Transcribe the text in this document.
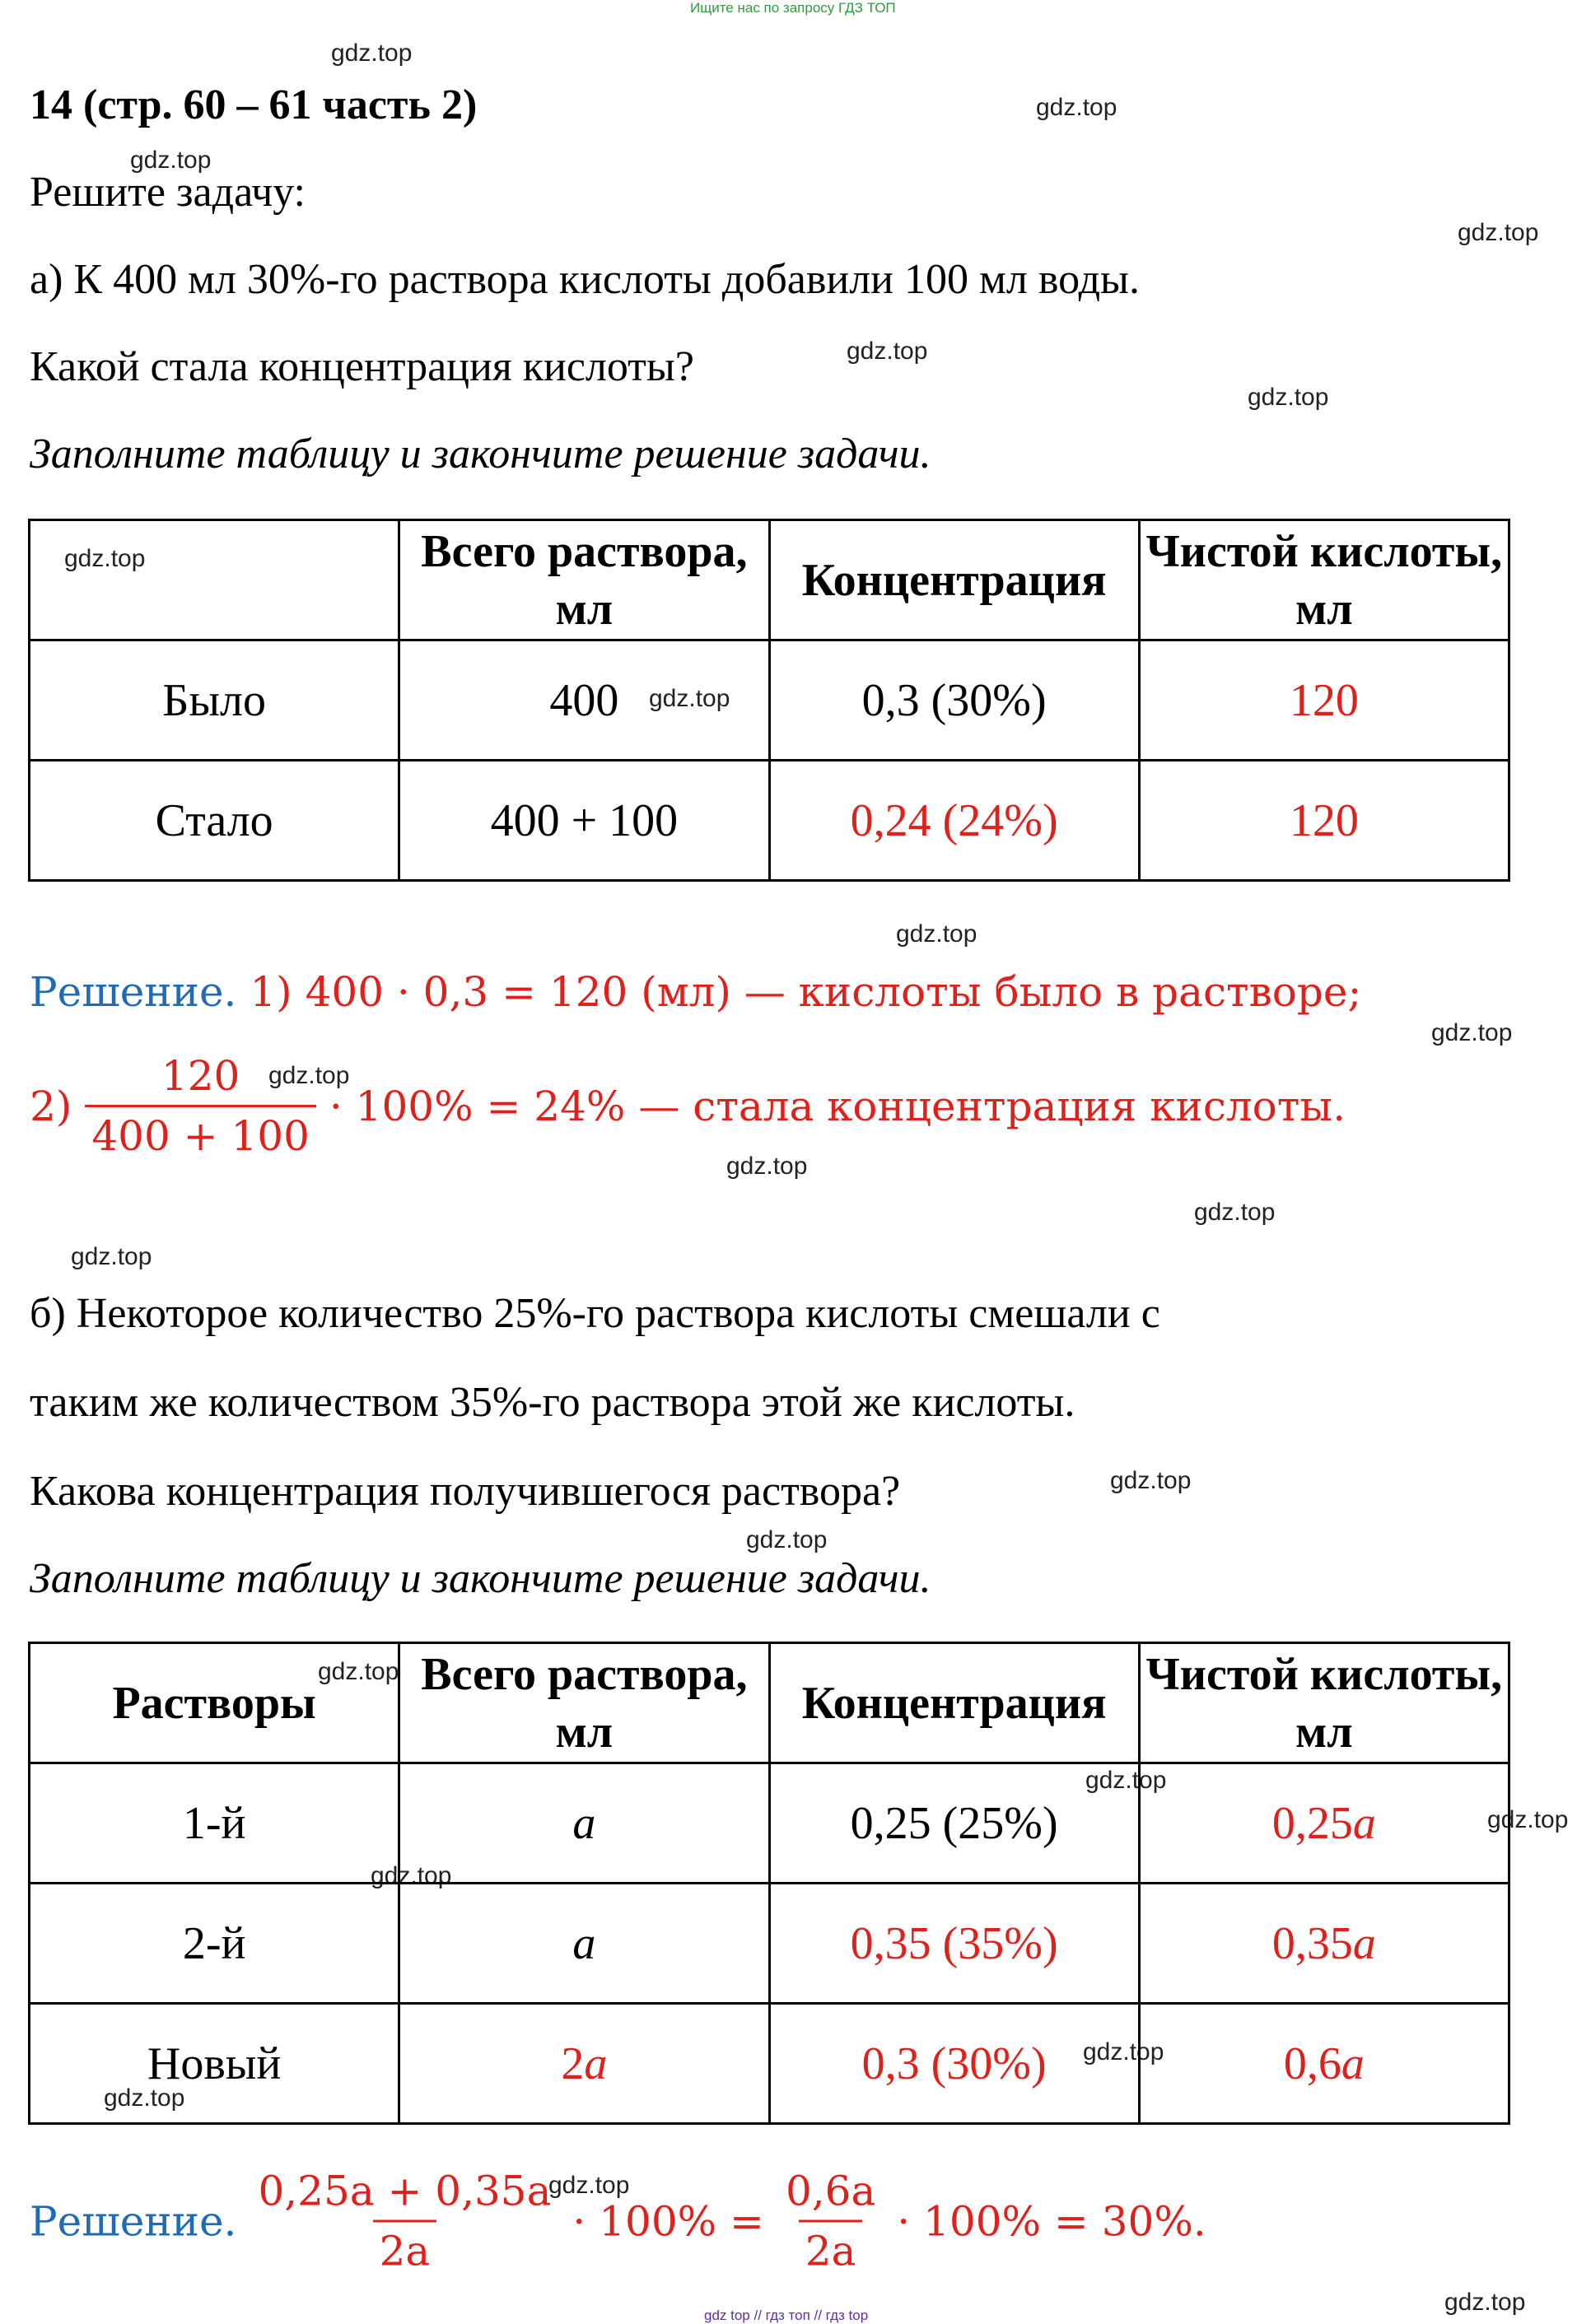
Ищите нас по запросу ГДЗ ТОП
gdz top // гдз топ // гдз top
gdz.top
gdz.top
gdz.top
gdz.top
gdz.top
gdz.top
gdz.top
gdz.top
gdz.top
gdz.top
gdz.top
gdz.top
gdz.top
gdz.top
gdz.top
gdz.top
gdz.top
gdz.top
gdz.top
gdz.top
gdz.top
gdz.top
gdz.top
gdz.top
14 (стр. 60 – 61 часть 2)
Решите задачу:
а) К 400 мл 30%-го раствора кислоты добавили 100 мл воды.
Какой стала концентрация кислоты?
Заполните таблицу и закончите решение задачи.
	Всего раствора, мл	Концентрация	Чистой кислоты, мл
Было	400	0,3 (30%)	120
Стало	400 + 100	0,24 (24%)	120
Решение. 1) 400 · 0,3 = 120 (мл) — кислоты было в растворе;
$2) \frac{120}{400 + 100} \cdot 100\% = 24\%$ — стала концентрация кислоты.
б) Некоторое количество 25%-го раствора кислоты смешали с
таким же количеством 35%-го раствора этой же кислоты.
Какова концентрация получившегося раствора?
Заполните таблицу и закончите решение задачи.
Растворы	Всего раствора, мл	Концентрация	Чистой кислоты, мл
1-й	a	0,25 (25%)	0,25a
2-й	a	0,35 (35%)	0,35a
Новый	2a	0,3 (30%)	0,6a
Решение. $\frac{0,25a + 0,35a}{2a} \cdot 100\% = \frac{0,6a}{2a} \cdot 100\% = 30\%$.
